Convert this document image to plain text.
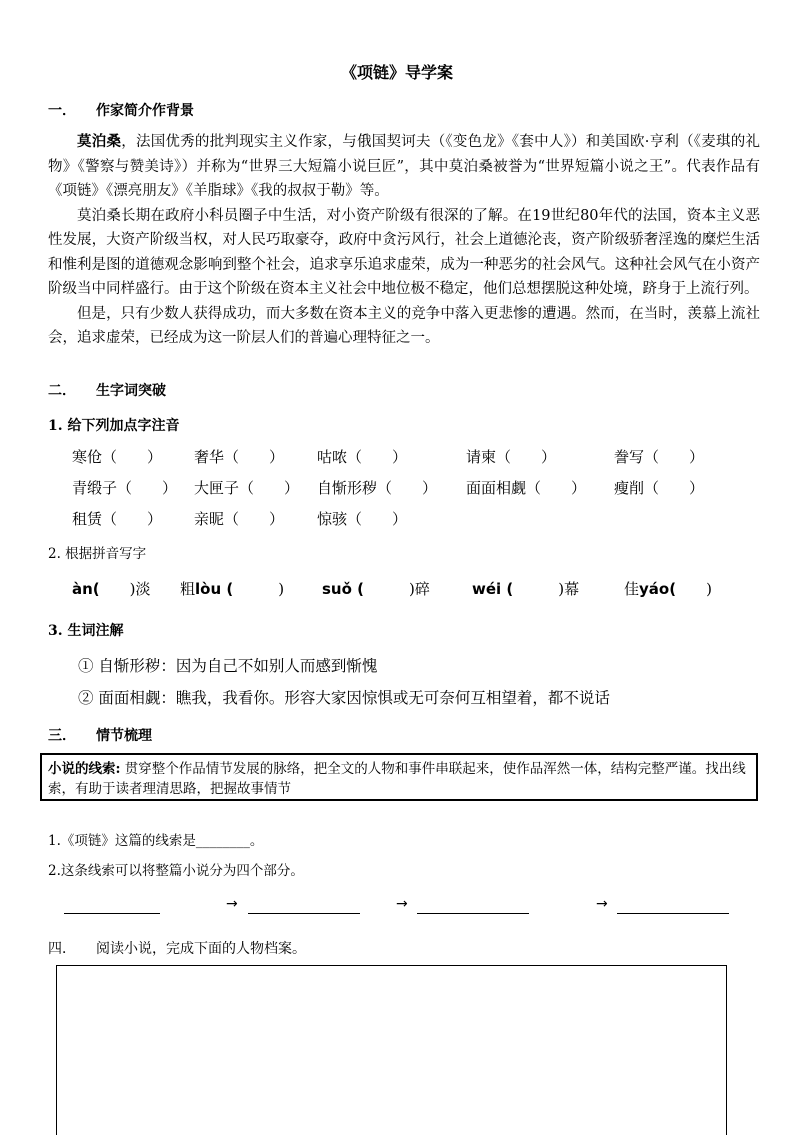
《项链》导学案
一． 作家简介作背景

莫泊桑，法国优秀的批判现实主义作家，与俄国契诃夫（《变色龙》《套中人》）和美国欧·亨利（《麦琪的礼物》《警察与赞美诗》）并称为“世界三大短篇小说巨匠”，其中莫泊桑被誉为“世界短篇小说之王”。代表作品有《项链》《漂亮朋友》《羊脂球》《我的叔叔于勒》等。

莫泊桑长期在政府小科员圈子中生活，对小资产阶级有很深的了解。在19世纪80年代的法国，资本主义恶性发展，大资产阶级当权，对人民巧取豪夺，政府中贪污风行，社会上道德沦丧，资产阶级骄奢淫逸的糜烂生活和惟利是图的道德观念影响到整个社会，追求享乐追求虚荣，成为一种恶劣的社会风气。这种社会风气在小资产阶级当中同样盛行。由于这个阶级在资本主义社会中地位极不稳定，他们总想摆脱这种处境，跻身于上流行列。

但是，只有少数人获得成功，而大多数在资本主义的竞争中落入更悲惨的遭遇。然而，在当时，羡慕上流社会，追求虚荣，已经成为这一阶层人们的普遍心理特征之一。

二． 生字词突破
1. 给下列加点字注音
寒伧（　　） 奢华（　　） 咕哝（　　）	请柬（　　）	誊写（　　）
青缎子（　　） 大匣子（　　） 自惭形秽（　　） 面面相觑（　　） 瘦削（　　）
租赁（　　） 亲昵（　　） 惊骇（　　）
2. 根据拼音写字
àn(　　)淡 粗lòu (　　　)	suǒ (　　　)碎	wéi (　　　)幕	佳yáo(　　)
3. 生词注解
① 自惭形秽：因为自己不如别人而感到惭愧
② 面面相觑：瞧我，我看你。形容大家因惊惧或无可奈何互相望着，都不说话
三． 情节梳理
小说的线索: 贯穿整个作品情节发展的脉络，把全文的人物和事件串联起来，使作品浑然一体，结构完整严谨。找出线索，有助于读者理清思路，把握故事情节
1.《项链》这篇的线索是________。
2.这条线索可以将整篇小说分为四个部分。
→	→	→
四． 阅读小说，完成下面的人物档案。
